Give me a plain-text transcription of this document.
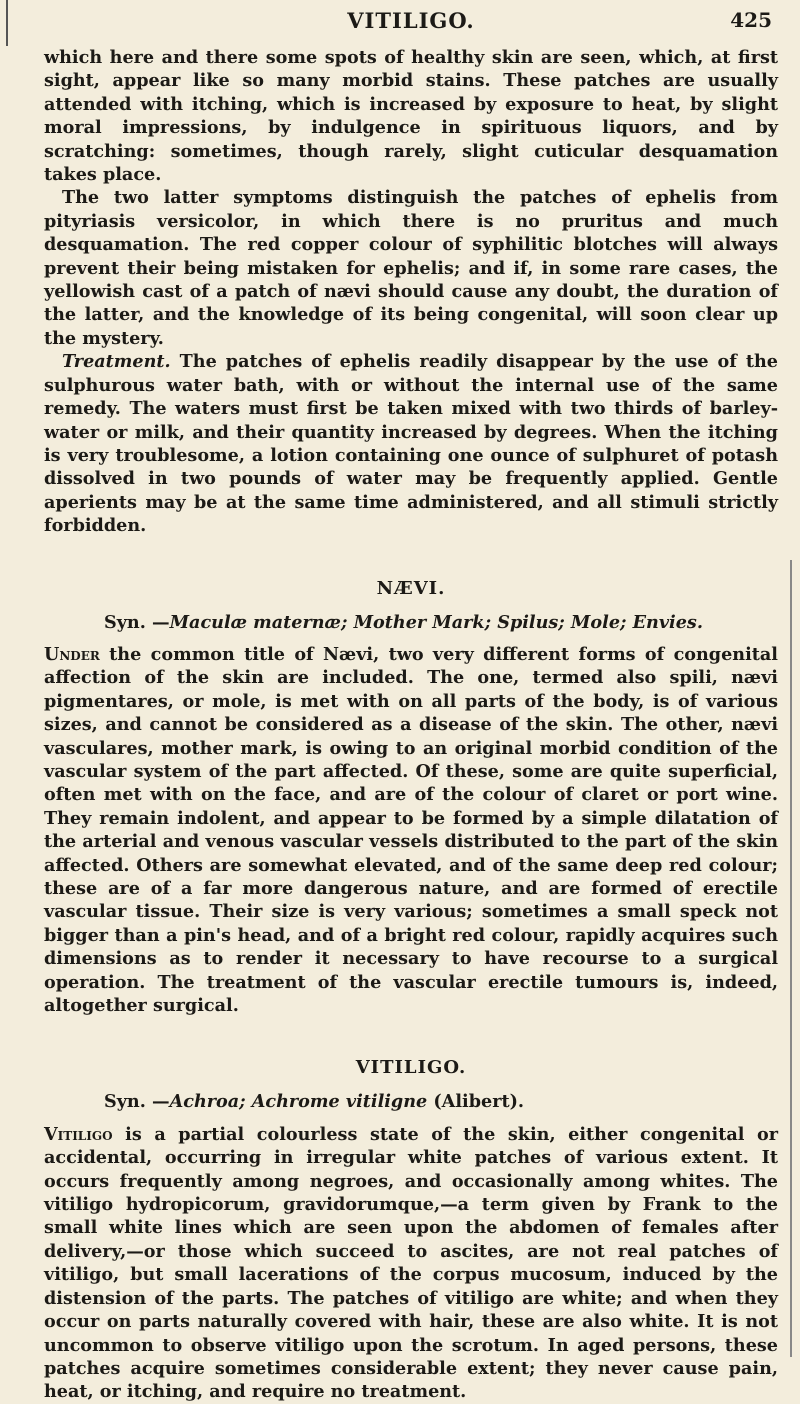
VITILIGO.	425

which here and there some spots of healthy skin are seen, which, at first sight, appear like so many morbid stains. These patches are usually attended with itching, which is increased by exposure to heat, by slight moral impressions, by indulgence in spirituous liquors, and by scratching: sometimes, though rarely, slight cuticular desquamation takes place.

The two latter symptoms distinguish the patches of ephelis from pityriasis versicolor, in which there is no pruritus and much desquamation. The red copper colour of syphilitic blotches will always prevent their being mistaken for ephelis; and if, in some rare cases, the yellowish cast of a patch of nævi should cause any doubt, the duration of the latter, and the knowledge of its being congenital, will soon clear up the mystery.

Treatment. The patches of ephelis readily disappear by the use of the sulphurous water bath, with or without the internal use of the same remedy. The waters must first be taken mixed with two thirds of barley-water or milk, and their quantity increased by degrees. When the itching is very troublesome, a lotion containing one ounce of sulphuret of potash dissolved in two pounds of water may be frequently applied. Gentle aperients may be at the same time administered, and all stimuli strictly forbidden.

NÆVI.
Syn. —Maculæ maternæ; Mother Mark; Spilus; Mole; Envies.

Under the common title of Nævi, two very different forms of congenital affection of the skin are included. The one, termed also spili, nævi pigmentares, or mole, is met with on all parts of the body, is of various sizes, and cannot be considered as a disease of the skin. The other, nævi vasculares, mother mark, is owing to an original morbid condition of the vascular system of the part affected. Of these, some are quite superficial, often met with on the face, and are of the colour of claret or port wine. They remain indolent, and appear to be formed by a simple dilatation of the arterial and venous vascular vessels distributed to the part of the skin affected. Others are somewhat elevated, and of the same deep red colour; these are of a far more dangerous nature, and are formed of erectile vascular tissue. Their size is very various; sometimes a small speck not bigger than a pin's head, and of a bright red colour, rapidly acquires such dimensions as to render it necessary to have recourse to a surgical operation. The treatment of the vascular erectile tumours is, indeed, altogether surgical.

VITILIGO.
Syn. —Achroa; Achrome vitiligne (Alibert).

Vitiligo is a partial colourless state of the skin, either congenital or accidental, occurring in irregular white patches of various extent. It occurs frequently among negroes, and occasionally among whites. The vitiligo hydropicorum, gravidorumque,—a term given by Frank to the small white lines which are seen upon the abdomen of females after delivery,—or those which succeed to ascites, are not real patches of vitiligo, but small lacerations of the corpus mucosum, induced by the distension of the parts. The patches of vitiligo are white; and when they occur on parts naturally covered with hair, these are also white. It is not uncommon to observe vitiligo upon the scrotum. In aged persons, these patches acquire sometimes considerable extent; they never cause pain, heat, or itching, and require no treatment.
